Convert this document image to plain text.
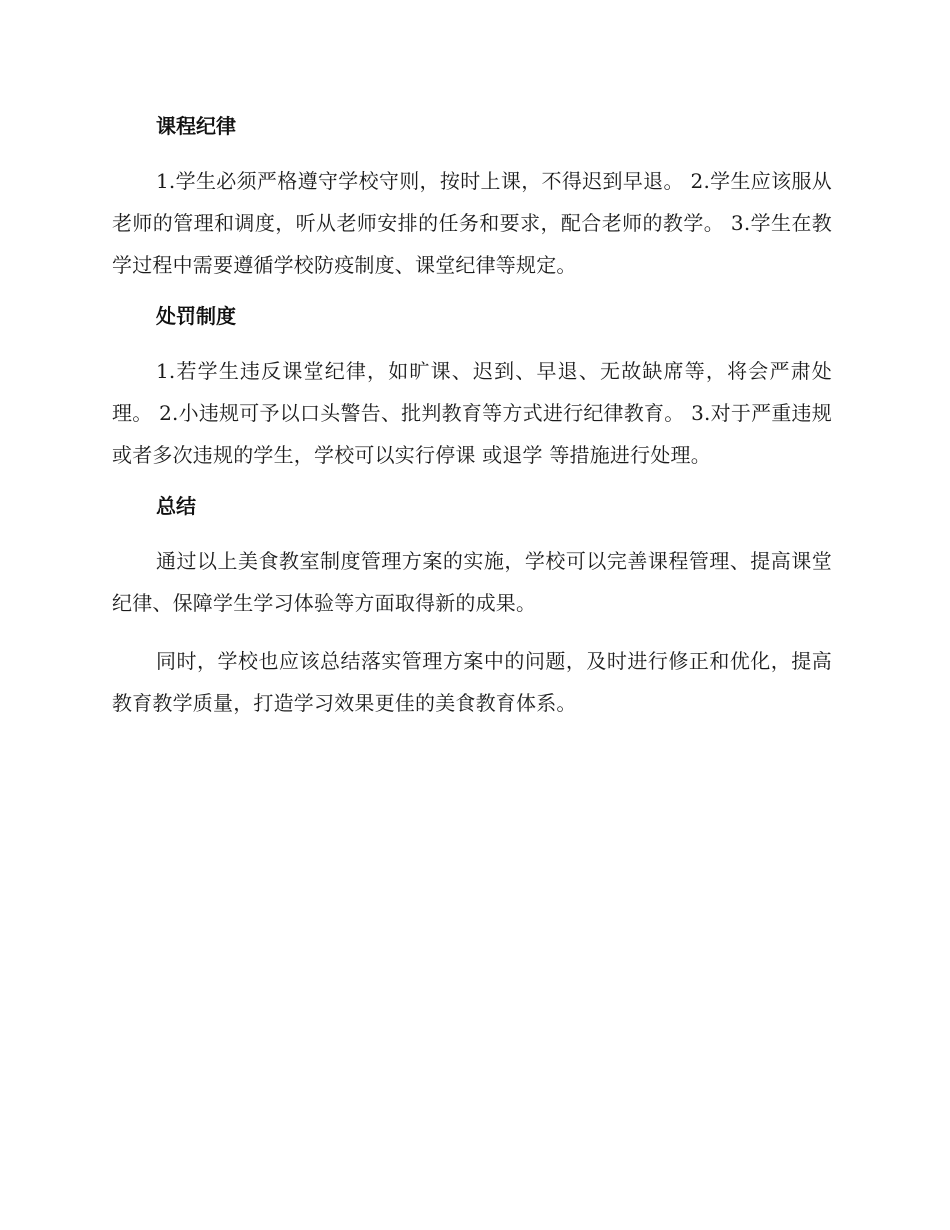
课程纪律

1.学生必须严格遵守学校守则，按时上课，不得迟到早退。 2.学生应该服从老师的管理和调度，听从老师安排的任务和要求，配合老师的教学。 3.学生在教学过程中需要遵循学校防疫制度、课堂纪律等规定。

处罚制度

1.若学生违反课堂纪律，如旷课、迟到、早退、无故缺席等，将会严肃处理。 2.小违规可予以口头警告、批判教育等方式进行纪律教育。 3.对于严重违规或者多次违规的学生，学校可以实行停课 或退学 等措施进行处理。

总结

通过以上美食教室制度管理方案的实施，学校可以完善课程管理、提高课堂纪律、保障学生学习体验等方面取得新的成果。

同时，学校也应该总结落实管理方案中的问题，及时进行修正和优化，提高教育教学质量，打造学习效果更佳的美食教育体系。
